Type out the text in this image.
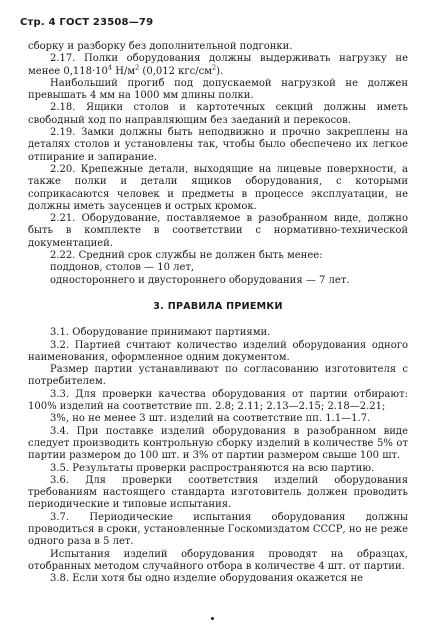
Стр. 4 ГОСТ 23508—79

сборку и разборку без дополнительной подгонки.

2.17. Полки оборудования должны выдерживать нагрузку не менее $0,118\cdot 10^4$ $Н/м^2$ (0,012 кгс/$см^2$).

Наибольший прогиб под допускаемой нагрузкой не должен превышать 4 мм на 1000 мм длины полки.

2.18. Ящики столов и картотечных секций должны иметь свободный ход по направляющим без заеданий и перекосов.

2.19. Замки должны быть неподвижно и прочно закреплены на деталях столов и установлены так, чтобы было обеспечено их легкое отпирание и запирание.

2.20. Крепежные детали, выходящие на лицевые поверхности, а также полки и детали ящиков оборудования, с которыми соприкасаются человек и предметы в процессе эксплуатации, не должны иметь заусенцев и острых кромок.

2.21. Оборудование, поставляемое в разобранном виде, должно быть в комплекте в соответствии с нормативно-технической документацией.

2.22. Средний срок службы не должен быть менее:

поддонов, столов — 10 лет,

одностороннего и двустороннего оборудования — 7 лет.

3. ПРАВИЛА ПРИЕМКИ

3.1. Оборудование принимают партиями.

3.2. Партией считают количество изделий оборудования одного наименования, оформленное одним документом.

Размер партии устанавливают по согласованию изготовителя с потребителем.

3.3. Для проверки качества оборудования от партии отбирают: 100% изделий на соответствие пп. 2.8; 2.11; 2.13—2.15; 2.18—2.21;

3%, но не менее 3 шт. изделий на соответствие пп. 1.1—1.7.

3.4. При поставке изделий оборудования в разобранном виде следует производить контрольную сборку изделий в количестве 5% от партии размером до 100 шт. и 3% от партии размером свыше 100 шт.

3.5. Результаты проверки распространяются на всю партию.

3.6. Для проверки соответствия изделий оборудования требованиям настоящего стандарта изготовитель должен проводить периодические и типовые испытания.

3.7. Периодические испытания оборудования должны проводиться в сроки, установленные Госкомиздатом СССР, но не реже одного раза в 5 лет.

Испытания изделий оборудования проводят на образцах, отобранных методом случайного отбора в количестве 4 шт. от партии.

3.8. Если хотя бы одно изделие оборудования окажется не
